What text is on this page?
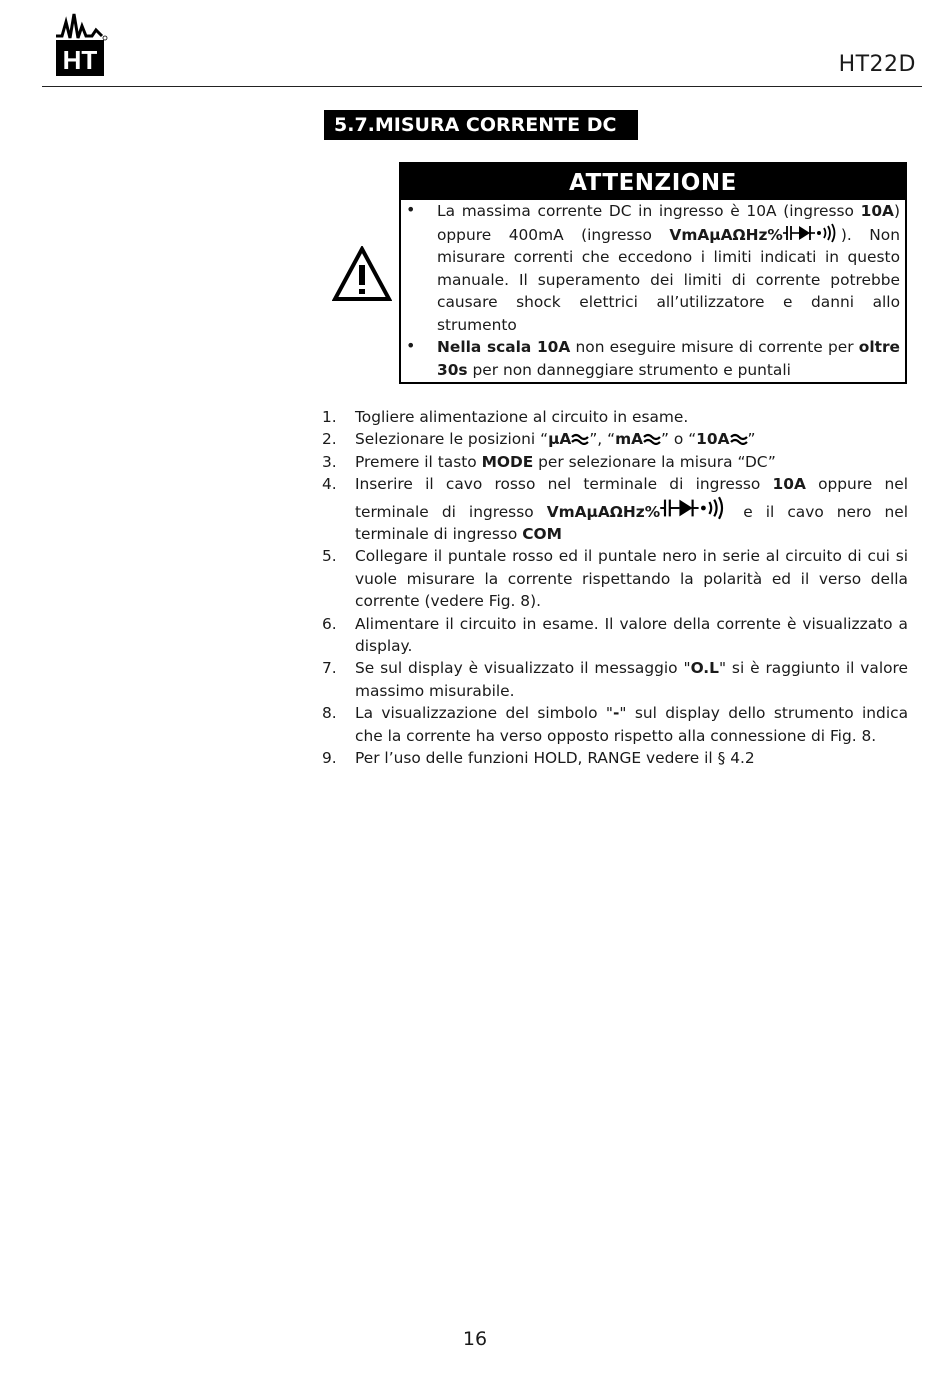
HT	HT22D
5.7.MISURA CORRENTE DC
ATTENZIONE
• La massima corrente DC in ingresso è 10A (ingresso 10A) oppure 400mA (ingresso VmAµAΩHz%	). Non misurare correnti che eccedono i limiti indicati in questo manuale. Il superamento dei limiti di corrente potrebbe causare shock elettrici all’utilizzatore e danni allo strumento
• Nella scala 10A non eseguire misure di corrente per oltre 30s per non danneggiare strumento e puntali
1. Togliere alimentazione al circuito in esame.
2. Selezionare le posizioni “µA ”, “mA ” o “10A ”
3. Premere il tasto MODE per selezionare la misura “DC”
4. Inserire il cavo rosso nel terminale di ingresso 10A oppure nel terminale di ingresso VmAµAΩHz%	e il cavo nero nel terminale di ingresso COM
5. Collegare il puntale rosso ed il puntale nero in serie al circuito di cui si vuole misurare la corrente rispettando la polarità ed il verso della corrente (vedere Fig. 8).
6. Alimentare il circuito in esame. Il valore della corrente è visualizzato a display.
7. Se sul display è visualizzato il messaggio "O.L" si è raggiunto il valore massimo misurabile.
8. La visualizzazione del simbolo "-" sul display dello strumento indica che la corrente ha verso opposto rispetto alla connessione di Fig. 8.
9. Per l’uso delle funzioni HOLD, RANGE vedere il § 4.2
16
